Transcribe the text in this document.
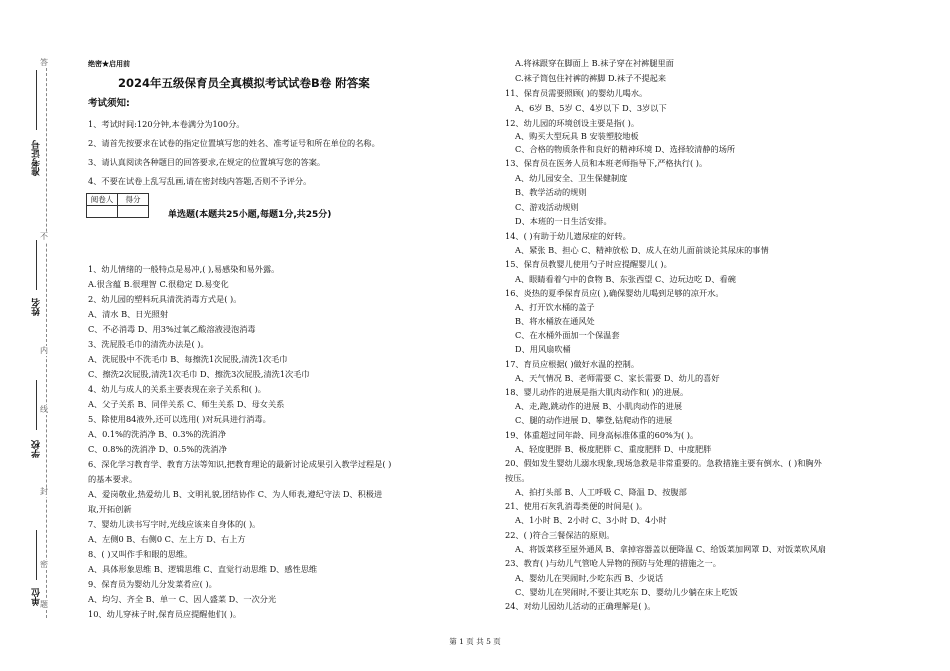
答
不
内
线
封
密
题
准考证号
姓名
学校
单位
绝密★启用前
2024年五级保育员全真模拟考试试卷B卷 附答案
考试须知:
1、考试时间:120分钟,本卷满分为100分。
2、请首先按要求在试卷的指定位置填写您的姓名、准考证号和所在单位的名称。
3、请认真阅读各种题目的回答要求,在规定的位置填写您的答案。
4、不要在试卷上乱写乱画,请在密封线内答题,否则不予评分。
单选题(本题共25小题,每题1分,共25分)
1、幼儿情绪的一般特点是易冲,( ),易感染和易外露。
A.很含蕴 B.很理智 C.很稳定 D.易变化
2、幼儿园的塑料玩具清洗消毒方式是( )。
A、清水 B、日光照射
C、不必消毒 D、用3%过氧乙酸溶液浸泡消毒
3、洗屁股毛巾的清洗办法是( )。
A、洗屁股中不洗毛巾 B、每擦洗1次屁股,清洗1次毛巾
C、擦洗2次屁股,清洗1次毛巾 D、擦洗3次屁股,清洗1次毛巾
4、幼儿与成人的关系主要表现在亲子关系和( )。
A、父子关系 B、同伴关系 C、师生关系 D、母女关系
5、除使用84液外,还可以选用( )对玩具进行消毒。
A、0.1%的洗消净 B、0.3%的洗消净
C、0.8%的洗消净 D、0.5%的洗消净
6、深化学习教育学、教育方法等知识,把教育理论的最新讨论成果引入教学过程是( )
的基本要求。
A、爱岗敬业,热爱幼儿 B、文明礼貌,团结协作 C、为人师表,遵纪守法 D、积极进
取,开拓创新
7、婴幼儿读书写字时,光线应该来自身体的( )。
A、左侧0 B、右侧0 C、左上方 D、右上方
8、( )又叫作手和眼的思维。
A、具体形象思维 B、逻辑思维 C、直觉行动思维 D、感性思维
9、保育员为婴幼儿分发菜肴应( )。
A、均匀、齐全 B、单一 C、因人盛菜 D、一次分光
10、幼儿穿袜子时,保育员应提醒他们( )。
阅卷人	得分

A.将袜跟穿在脚面上 B.袜子穿在衬裤腿里面
C.袜子筒包住衬裤的裤脚 D.袜子不提起来
11、保育员需要照顾( )的婴幼儿喝水。
A、6岁 B、5岁 C、4岁以下 D、3岁以下
12、幼儿园的环境创设主要是指( )。
A、购买大型玩具 B 安装塑胶地板
C、合格的物质条件和良好的精神环境 D、选择较清静的场所
13、保育员在医务人员和本班老师指导下,严格执行( )。
A、幼儿园安全、卫生保健制度
B、教学活动的规则
C、游戏活动规则
D、本班的一日生活安排。
14、( )有助于幼儿遗尿症的好转。
A、紧张 B、担心 C、精神放松 D、成人在幼儿面前谈论其尿床的事情
15、保育员教婴儿使用勺子时应提醒婴儿( )。
A、眼睛看着勺中的食物 B、东张西望 C、边玩边吃 D、看碗
16、炎热的夏季保育员应( ),确保婴幼儿喝到足够的凉开水。
A、打开饮水桶的盖子
B、将水桶放在通风处
C、在水桶外面加一个保温套
D、用风扇吹桶
17、育员应根据( )做好水温的控制。
A、天气情况 B、老师需要 C、家长需要 D、幼儿的喜好
18、婴儿动作的进展是指大肌肉动作和( )的进展。
A、走,跑,跳动作的进展 B、小肌肉动作的进展
C、腿的动作进展 D、攀登,钻爬动作的进展
19、体重超过同年龄、同身高标准体重的60%为( )。
A、轻度肥胖 B、极度肥胖 C、重度肥胖 D、中度肥胖
20、假如发生婴幼儿溺水现象,现场急救是非常重要的。急救措施主要有倒水、( )和胸外
按压。
A、拍打头部 B、人工呼吸 C、降温 D、按腹部
21、使用石灰乳消毒类便的时间是( )。
A、1小时 B、2小时 C、3小时 D、4小时
22、( )符合三餐保洁的原则。
A、将饭菜移至屋外通风 B、拿掉容器盖以便降温 C、给饭菜加网罩 D、对饭菜吹风扇
23、教育( )与幼儿气管呛人异物的预防与处理的措施之一。
A、婴幼儿在哭闹时,少吃东西 B、少说话
C、婴幼儿在哭闹时,不要让其吃东 D、婴幼儿少躺在床上吃饭
24、对幼儿园幼儿活动的正确理解是( )。
第 1 页 共 5 页
